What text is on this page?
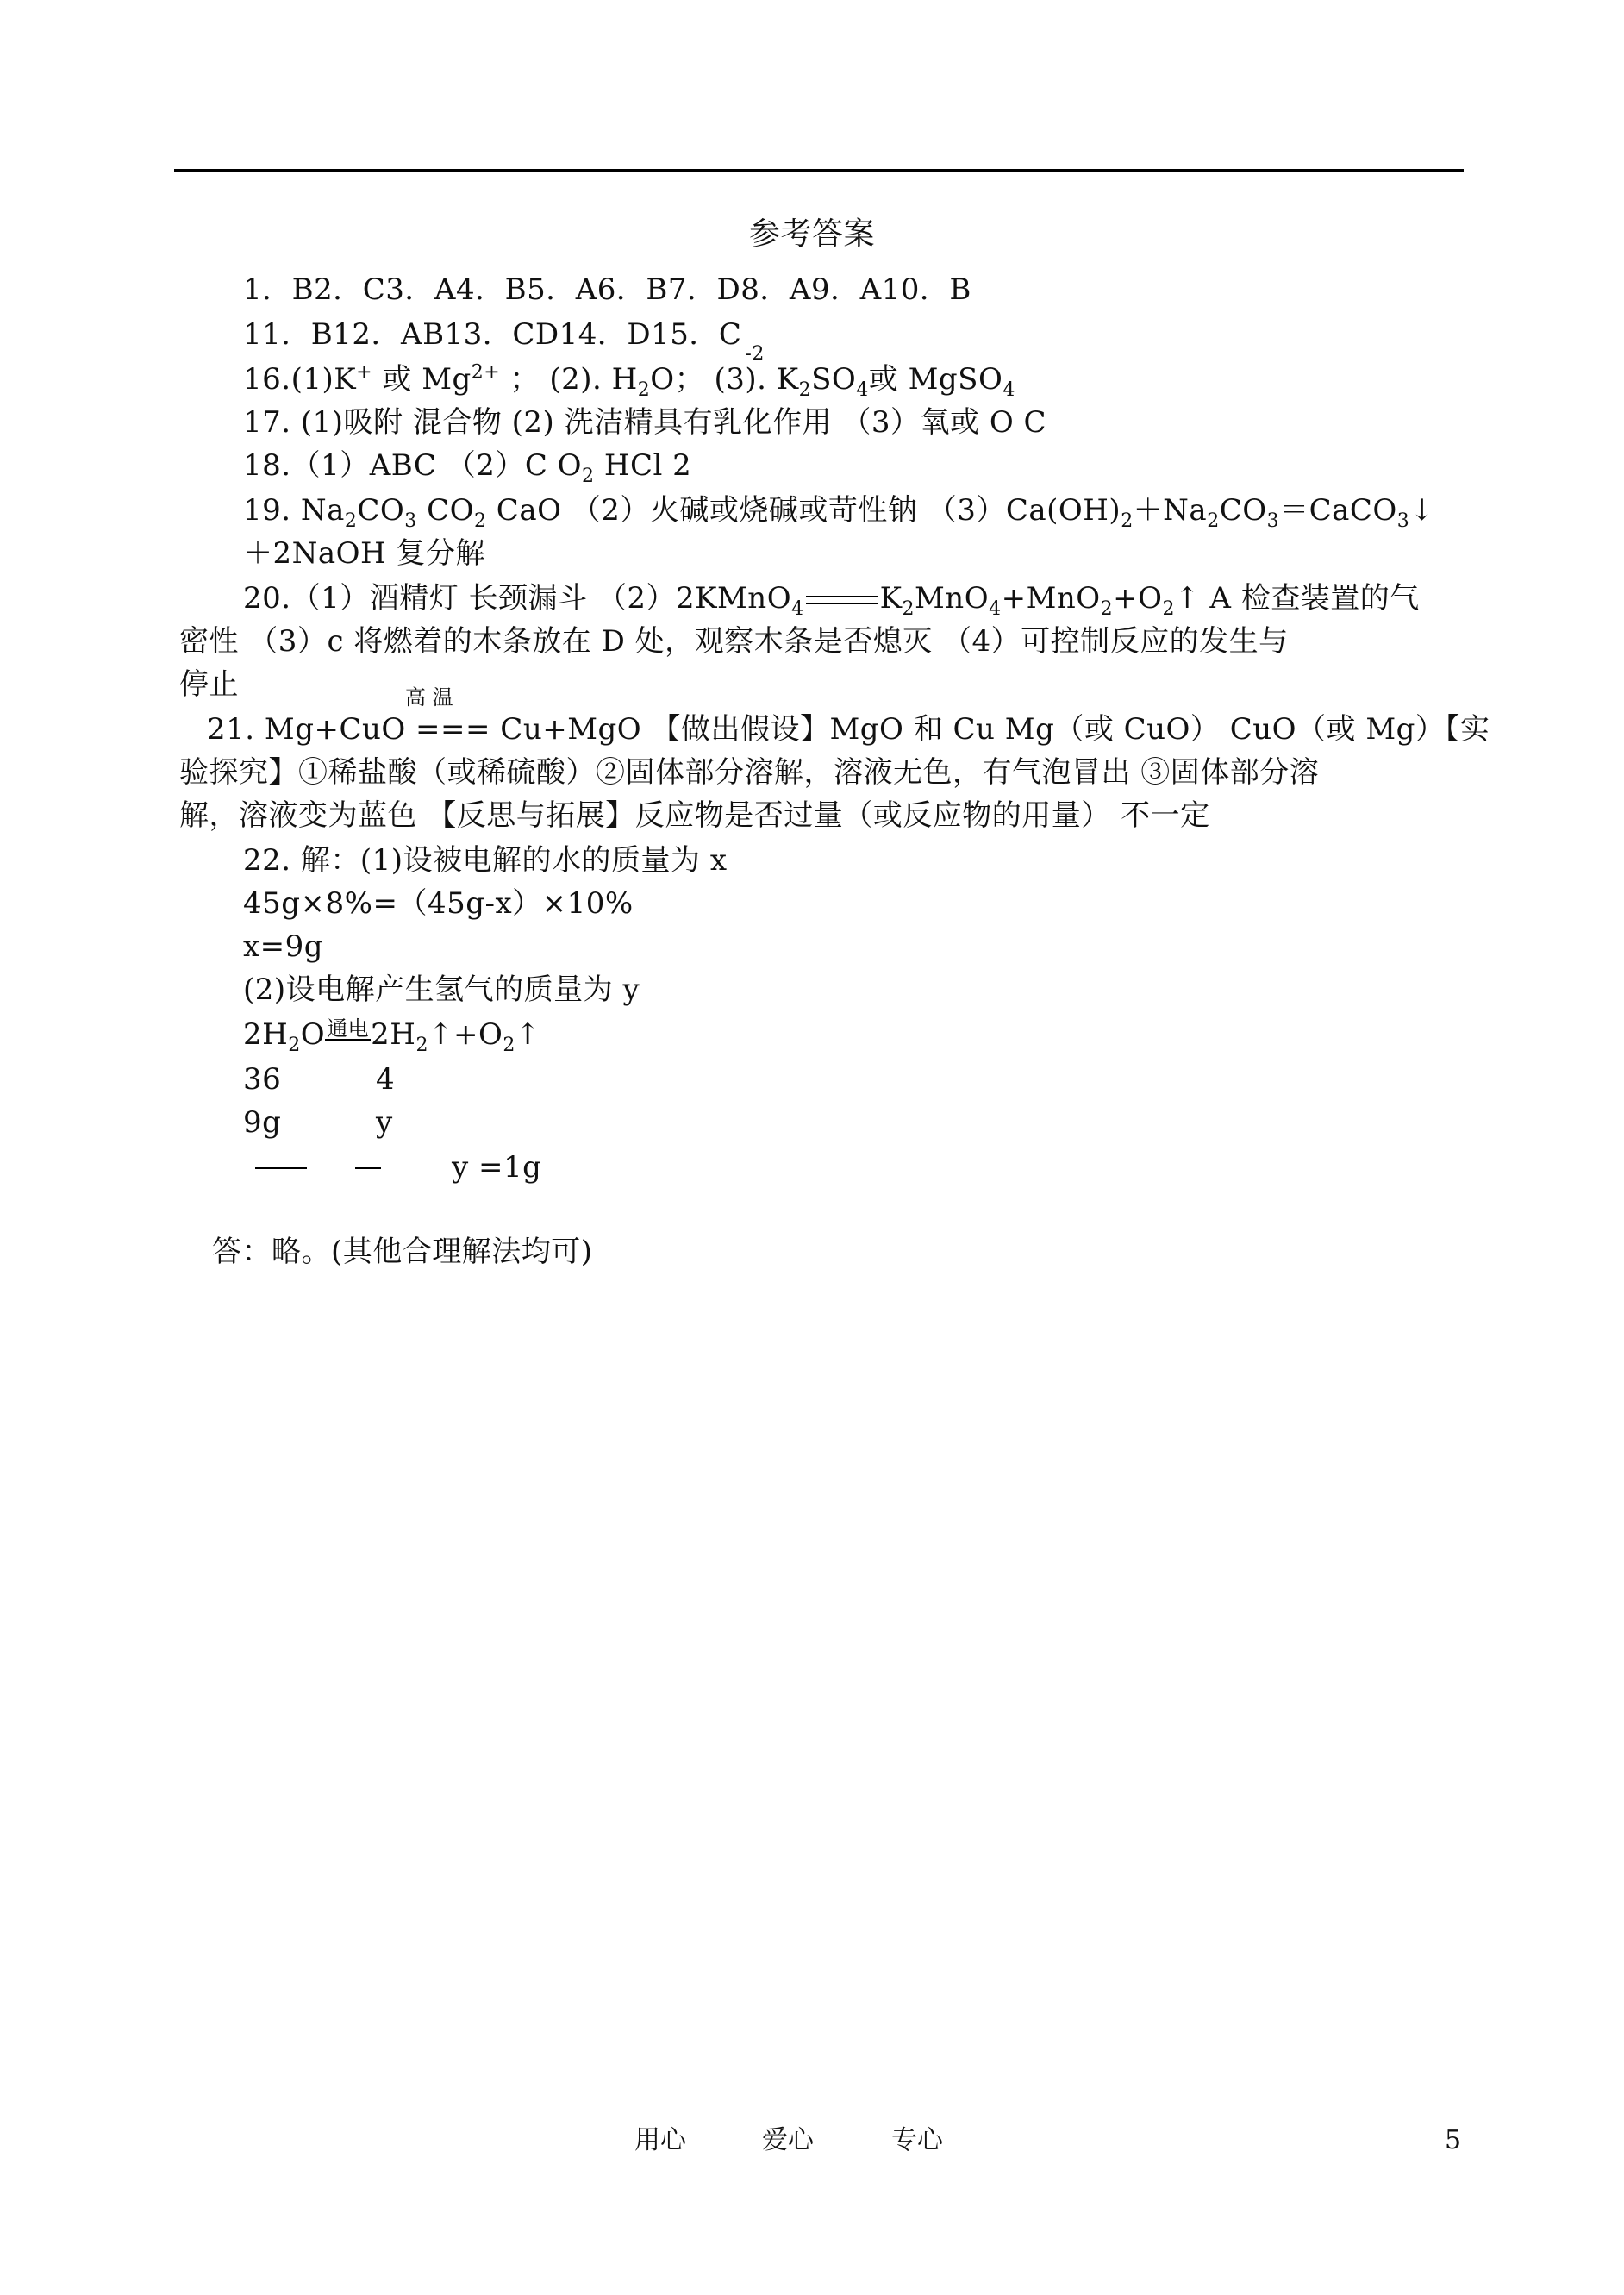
参考答案
1．B2．C3．A4．B5．A6．B7．D8．A9．A10．B
11．B12．AB13．CD14．D15．$C_{-2}$
16.(1)K+ 或 $Mg^{2+}$ ； (2). $H_2O$； (3). $K_2SO_4$或 MgSO$_4$
17. (1)吸附 混合物 (2) 洗洁精具有乳化作用 （3）氧或 O C
18.（1）ABC （2）C $O_2$ HCl 2
19. $Na_2CO_3$ $CO_2$ CaO （2）火碱或烧碱或苛性钠 $(3)Ca(OH)_2+Na_2CO_3=CaCO_3↓$
＋2NaOH 复分解
20.（1）酒精灯 长颈漏斗 （2）2KMnO$_4$	$K_2MnO_4+MnO_2+O_2↑$ A 检查装置的气
密性 （3）c 将燃着的木条放在 D 处，观察木条是否熄灭 （4）可控制反应的发生与
停止	高 温
21. Mg+CuO === Cu+MgO 【做出假设】MgO 和 Cu Mg（或 CuO） CuO（或 Mg）【实
验探究】①稀盐酸（或稀硫酸）②固体部分溶解，溶液无色，有气泡冒出 ③固体部分溶
解，溶液变为蓝色 【反思与拓展】反应物是否过量（或反应物的用量） 不一定
22. 解：(1)设被电解的水的质量为 x
45g×8%=（45g-x）×10%
x=9g
(2)设电解产生氢气的质量为 y
$2H_2O$通电$2H_2↑+O_2↑$
36	4
9g	y
y =1g
答：略。(其他合理解法均可)
用心	爱心	专心	5
